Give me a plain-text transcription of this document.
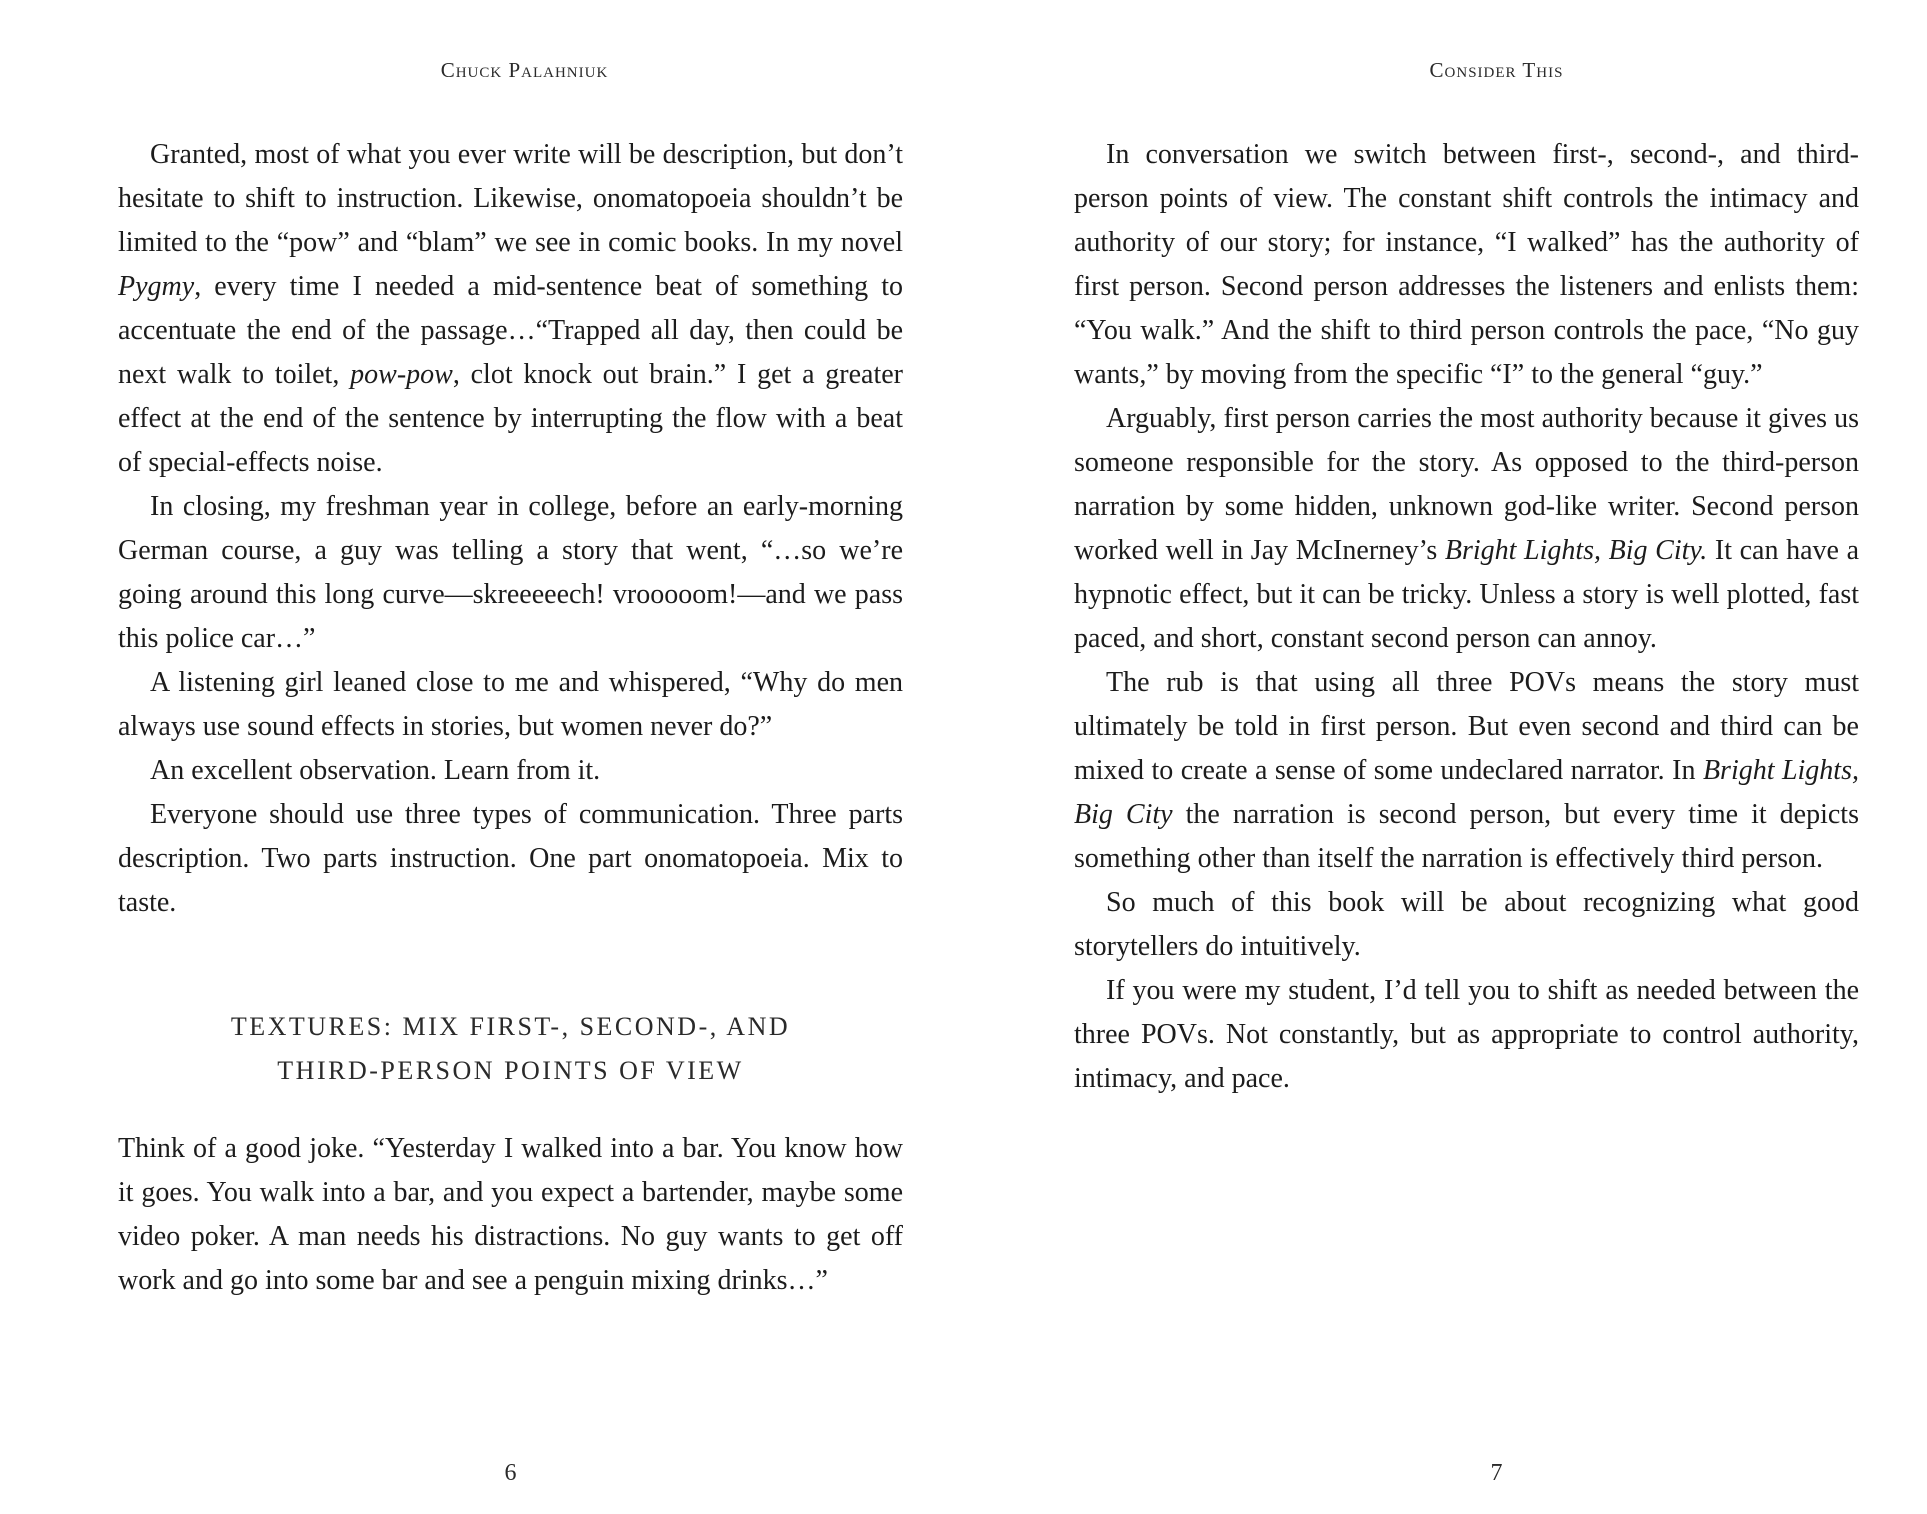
Chuck Palahniuk

Granted, most of what you ever write will be description, but don’t hesitate to shift to instruction. Likewise, onomatopoeia shouldn’t be limited to the “pow” and “blam” we see in comic books. In my novel Pygmy, every time I needed a mid-sentence beat of something to accentuate the end of the passage…“Trapped all day, then could be next walk to toilet, pow-pow, clot knock out brain.” I get a greater effect at the end of the sentence by interrupting the flow with a beat of special-effects noise.

In closing, my freshman year in college, before an early-morning German course, a guy was telling a story that went, “…so we’re going around this long curve—skreeeeech! vrooooom!—and we pass this police car…”

A listening girl leaned close to me and whispered, “Why do men always use sound effects in stories, but women never do?”

An excellent observation. Learn from it.

Everyone should use three types of communication. Three parts description. Two parts instruction. One part onomatopoeia. Mix to taste.

TEXTURES: MIX FIRST-, SECOND-, AND
THIRD-PERSON POINTS OF VIEW

Think of a good joke. “Yesterday I walked into a bar. You know how it goes. You walk into a bar, and you expect a bartender, maybe some video poker. A man needs his distractions. No guy wants to get off work and go into some bar and see a penguin mixing drinks…”

6
Consider This

In conversation we switch between first-, second-, and third-person points of view. The constant shift controls the intimacy and authority of our story; for instance, “I walked” has the authority of first person. Second person addresses the listeners and enlists them: “You walk.” And the shift to third person controls the pace, “No guy wants,” by moving from the specific “I” to the general “guy.”

Arguably, first person carries the most authority because it gives us someone responsible for the story. As opposed to the third-person narration by some hidden, unknown god-like writer. Second person worked well in Jay McInerney’s Bright Lights, Big City. It can have a hypnotic effect, but it can be tricky. Unless a story is well plotted, fast paced, and short, constant second person can annoy.

The rub is that using all three POVs means the story must ultimately be told in first person. But even second and third can be mixed to create a sense of some undeclared narrator. In Bright Lights, Big City the narration is second person, but every time it depicts something other than itself the narration is effectively third person.

So much of this book will be about recognizing what good storytellers do intuitively.

If you were my student, I’d tell you to shift as needed between the three POVs. Not constantly, but as appropriate to control authority, intimacy, and pace.

7
